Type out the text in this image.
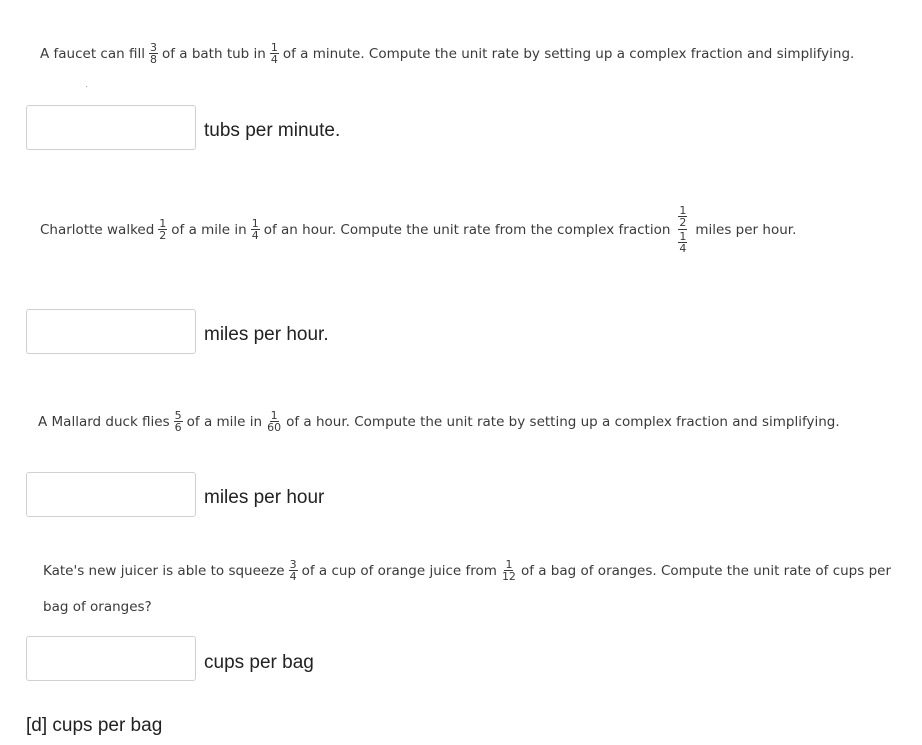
A faucet can fill $\frac{3}{8}$ of a bath tub in $\frac{1}{4}$ of a minute. Compute the unit rate by setting up a complex fraction and simplifying.
tubs per minute.
Charlotte walked $\frac{1}{2}$ of a mile in $\frac{1}{4}$ of an hour. Compute the unit rate from the complex fraction $\frac{1}{2}$
$\frac{1}{4}$
miles per hour.
miles per hour.
A Mallard duck flies $\frac{5}{6}$ of a mile in $\frac{1}{60}$ of a hour. Compute the unit rate by setting up a complex fraction and simplifying.
miles per hour
Kate's new juicer is able to squeeze $\frac{3}{4}$ of a cup of orange juice from $\frac{1}{12}$ of a bag of oranges. Compute the unit rate of cups per
bag of oranges?
cups per bag
[d] cups per bag
